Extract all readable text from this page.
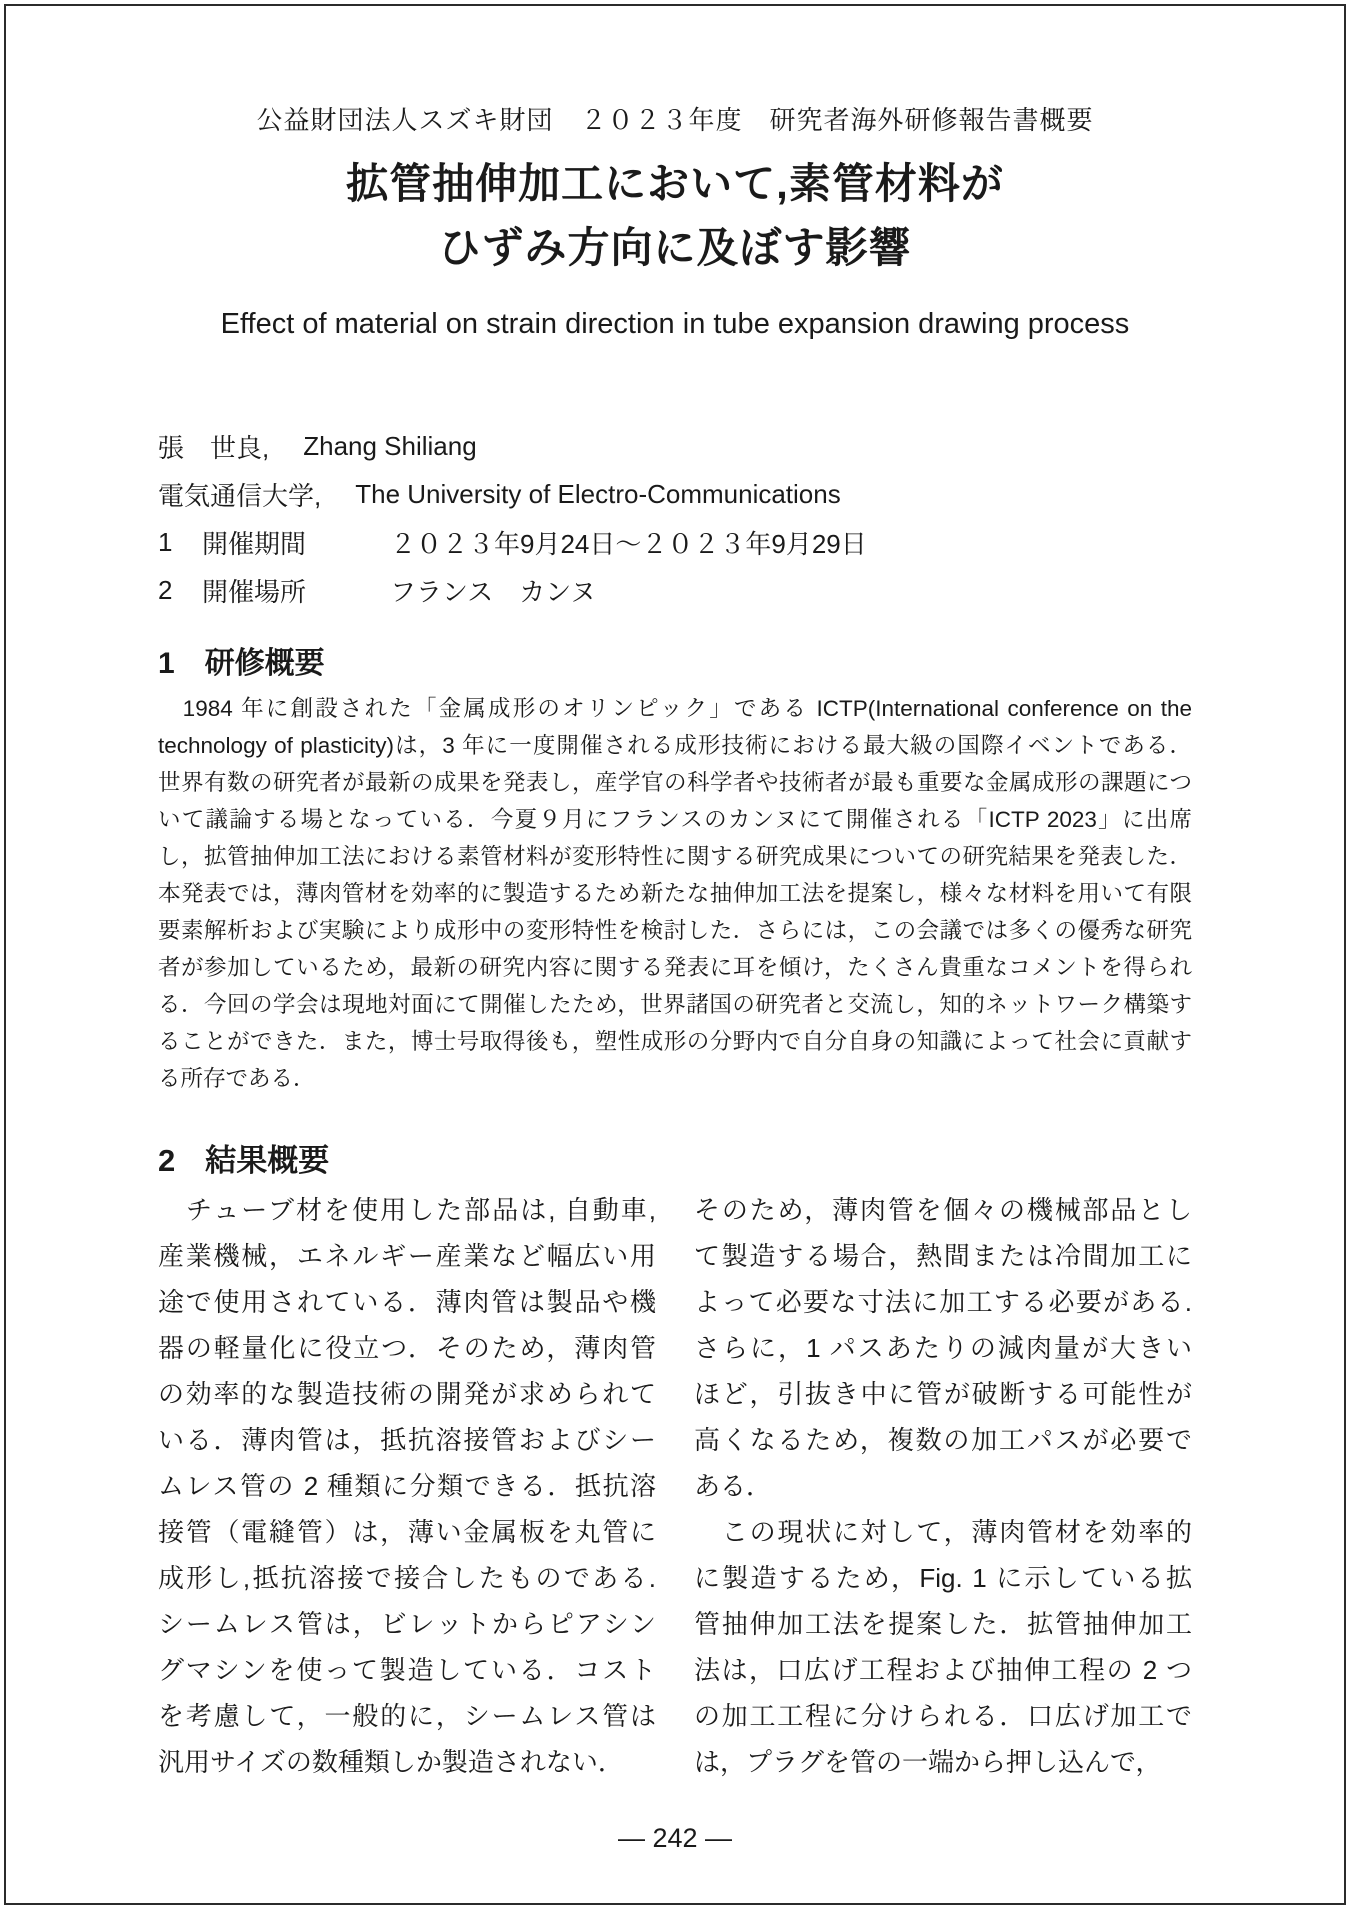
公益財団法人スズキ財団　２０２３年度　研究者海外研修報告書概要
拡管抽伸加工において,素管材料が
ひずみ方向に及ぼす影響
Effect of material on strain direction in tube expansion drawing process
張　世良, Zhang Shiliang
電気通信大学, The University of Electro-Communications
1	開催期間	２０２３年9月24日～２０２３年9月29日
2	開催場所	フランス　カンヌ
1 研修概要
　1984 年に創設された「金属成形のオリンピック」である ICTP(International conference on the
technology of plasticity)は，3 年に一度開催される成形技術における最大級の国際イベントである．
世界有数の研究者が最新の成果を発表し，産学官の科学者や技術者が最も重要な金属成形の課題につ
いて議論する場となっている．今夏９月にフランスのカンヌにて開催される「ICTP 2023」に出席
し，拡管抽伸加工法における素管材料が変形特性に関する研究成果についての研究結果を発表した．
本発表では，薄肉管材を効率的に製造するため新たな抽伸加工法を提案し，様々な材料を用いて有限
要素解析および実験により成形中の変形特性を検討した．さらには，この会議では多くの優秀な研究
者が参加しているため，最新の研究内容に関する発表に耳を傾け，たくさん貴重なコメントを得られ
る．今回の学会は現地対面にて開催したため，世界諸国の研究者と交流し，知的ネットワーク構築す
ることができた．また，博士号取得後も，塑性成形の分野内で自分自身の知識によって社会に貢献す
る所存である．
2 結果概要
　チューブ材を使用した部品は, 自動車,
産業機械，エネルギー産業など幅広い用
途で使用されている．薄肉管は製品や機
器の軽量化に役立つ．そのため，薄肉管
の効率的な製造技術の開発が求められて
いる．薄肉管は，抵抗溶接管およびシー
ムレス管の 2 種類に分類できる．抵抗溶
接管（電縫管）は，薄い金属板を丸管に
成形し,抵抗溶接で接合したものである.
シームレス管は，ビレットからピアシン
グマシンを使って製造している．コスト
を考慮して，一般的に，シームレス管は
汎用サイズの数種類しか製造されない．
そのため，薄肉管を個々の機械部品とし
て製造する場合，熱間または冷間加工に
よって必要な寸法に加工する必要がある.
さらに，1 パスあたりの減肉量が大きい
ほど，引抜き中に管が破断する可能性が
高くなるため，複数の加工パスが必要で
ある．
　この現状に対して，薄肉管材を効率的
に製造するため，Fig. 1 に示している拡
管抽伸加工法を提案した．拡管抽伸加工
法は，口広げ工程および抽伸工程の 2 つ
の加工工程に分けられる．口広げ加工で
は，プラグを管の一端から押し込んで，
— 242 —
